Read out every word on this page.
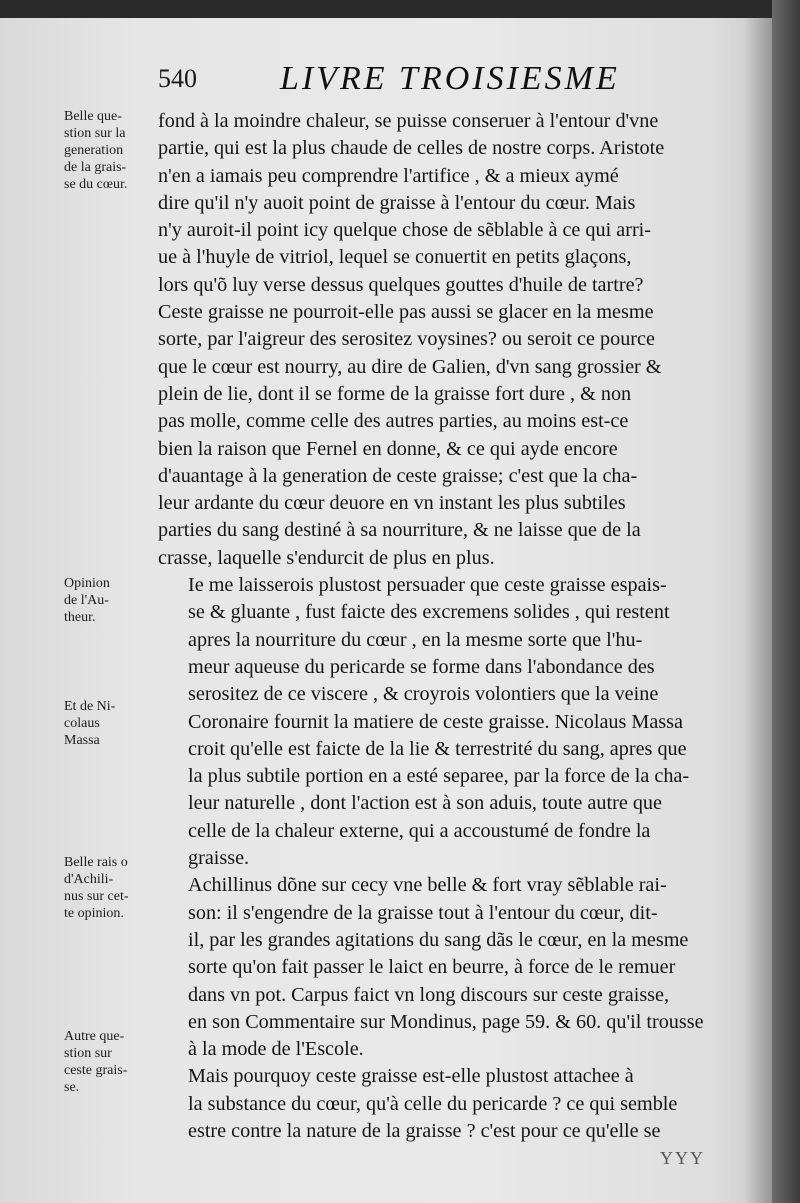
540 LIVRE TROISIESME
Belle que-
stion sur la
generation
de la grais-
se du cœur.
Opinion
de l'Au-
theur.
Et de Ni-
colaus
Massa
Belle rais o
d'Achili-
nus sur cet-
te opinion.
Autre que-
stion sur
ceste grais-
se.
fond à la moindre chaleur, se puisse conseruer à l'entour d'vne
partie, qui est la plus chaude de celles de nostre corps. Aristote
n'en a iamais peu comprendre l'artifice , & a mieux aymé
dire qu'il n'y auoit point de graisse à l'entour du cœur. Mais
n'y auroit-il point icy quelque chose de sẽblable à ce qui arri-
ue à l'huyle de vitriol, lequel se conuertit en petits glaçons,
lors qu'õ luy verse dessus quelques gouttes d'huile de tartre?
Ceste graisse ne pourroit-elle pas aussi se glacer en la mesme
sorte, par l'aigreur des serositez voysines? ou seroit ce pource
que le cœur est nourry, au dire de Galien, d'vn sang grossier &
plein de lie, dont il se forme de la graisse fort dure , & non
pas molle, comme celle des autres parties, au moins est-ce
bien la raison que Fernel en donne, & ce qui ayde encore
d'auantage à la generation de ceste graisse; c'est que la cha-
leur ardante du cœur deuore en vn instant les plus subtiles
parties du sang destiné à sa nourriture, & ne laisse que de la
crasse, laquelle s'endurcit de plus en plus.
Ie me laisserois plustost persuader que ceste graisse espais-
se & gluante , fust faicte des excremens solides , qui restent
apres la nourriture du cœur , en la mesme sorte que l'hu-
meur aqueuse du pericarde se forme dans l'abondance des
serositez de ce viscere , & croyrois volontiers que la veine
Coronaire fournit la matiere de ceste graisse. Nicolaus Massa
croit qu'elle est faicte de la lie & terrestrité du sang, apres que
la plus subtile portion en a esté separee, par la force de la cha-
leur naturelle , dont l'action est à son aduis, toute autre que
celle de la chaleur externe, qui a accoustumé de fondre la
graisse.
Achillinus dõne sur cecy vne belle & fort vray sẽblable rai-
son: il s'engendre de la graisse tout à l'entour du cœur, dit-
il, par les grandes agitations du sang dãs le cœur, en la mesme
sorte qu'on fait passer le laict en beurre, à force de le remuer
dans vn pot. Carpus faict vn long discours sur ceste graisse,
en son Commentaire sur Mondinus, page 59. & 60. qu'il trousse
à la mode de l'Escole.
Mais pourquoy ceste graisse est-elle plustost attachee à
la substance du cœur, qu'à celle du pericarde ? ce qui semble
estre contre la nature de la graisse ? c'est pour ce qu'elle se
YYY
